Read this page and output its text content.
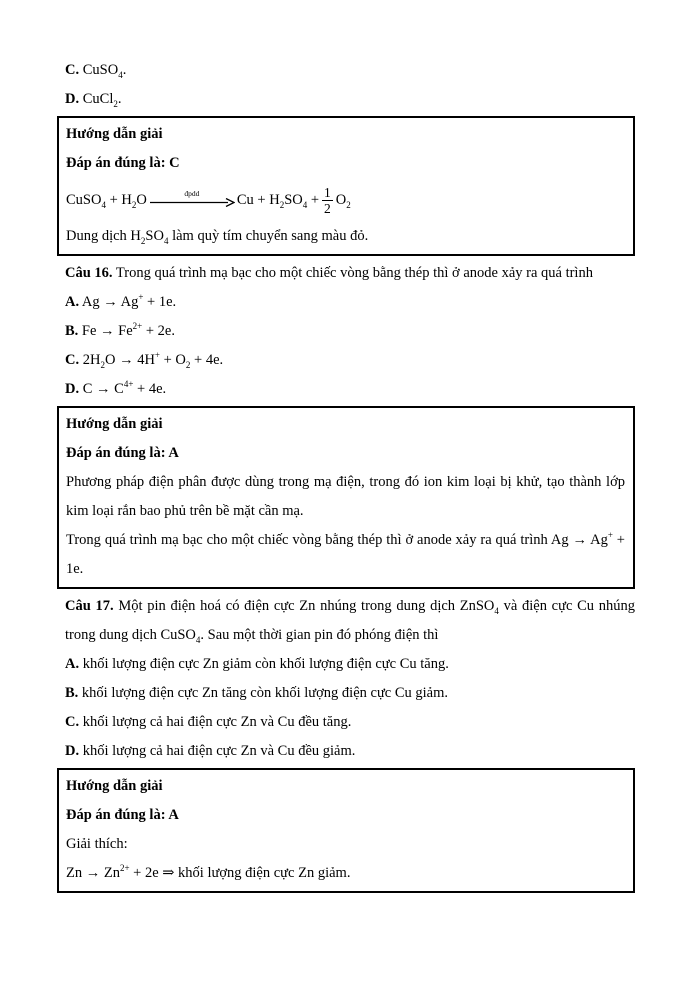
C. CuSO$_4$.

D. CuCl$_2$.

Hướng dẫn giải

Đáp án đúng là: C

CuSO$_4$ + $H_2O$	đpdd	$Cu + H_2SO_4 + \frac{1}{2} O_2$

Dung dịch $H_2SO_4$ làm quỳ tím chuyển sang màu đỏ.

Câu 16. Trong quá trình mạ bạc cho một chiếc vòng bằng thép thì ở anode xảy ra quá trình

A. Ag → Ag+ + 1e.

B. $Fe \to Fe^{2+} + 2e$.

C. $2H_2O \to 4H^+ + O_2 + 4e$.

D. $C \to C^{4+} + 4e$.

Hướng dẫn giải

Đáp án đúng là: A

Phương pháp điện phân được dùng trong mạ điện, trong đó ion kim loại bị khử, tạo thành lớp kim loại rắn bao phủ trên bề mặt cần mạ.

Trong quá trình mạ bạc cho một chiếc vòng bằng thép thì ở anode xảy ra quá trình Ag → Ag+ + 1e.

Câu 17. Một pin điện hoá có điện cực Zn nhúng trong dung dịch ZnSO$_4$ và điện cực Cu nhúng trong dung dịch CuSO$_4$. Sau một thời gian pin đó phóng điện thì

A. khối lượng điện cực Zn giảm còn khối lượng điện cực Cu tăng.

B. khối lượng điện cực Zn tăng còn khối lượng điện cực Cu giảm.

C. khối lượng cả hai điện cực Zn và Cu đều tăng.

D. khối lượng cả hai điện cực Zn và Cu đều giảm.

Hướng dẫn giải

Đáp án đúng là: A

Giải thích:

$Zn \to Zn^{2+} + 2e$ ⇒ khối lượng điện cực Zn giảm.
